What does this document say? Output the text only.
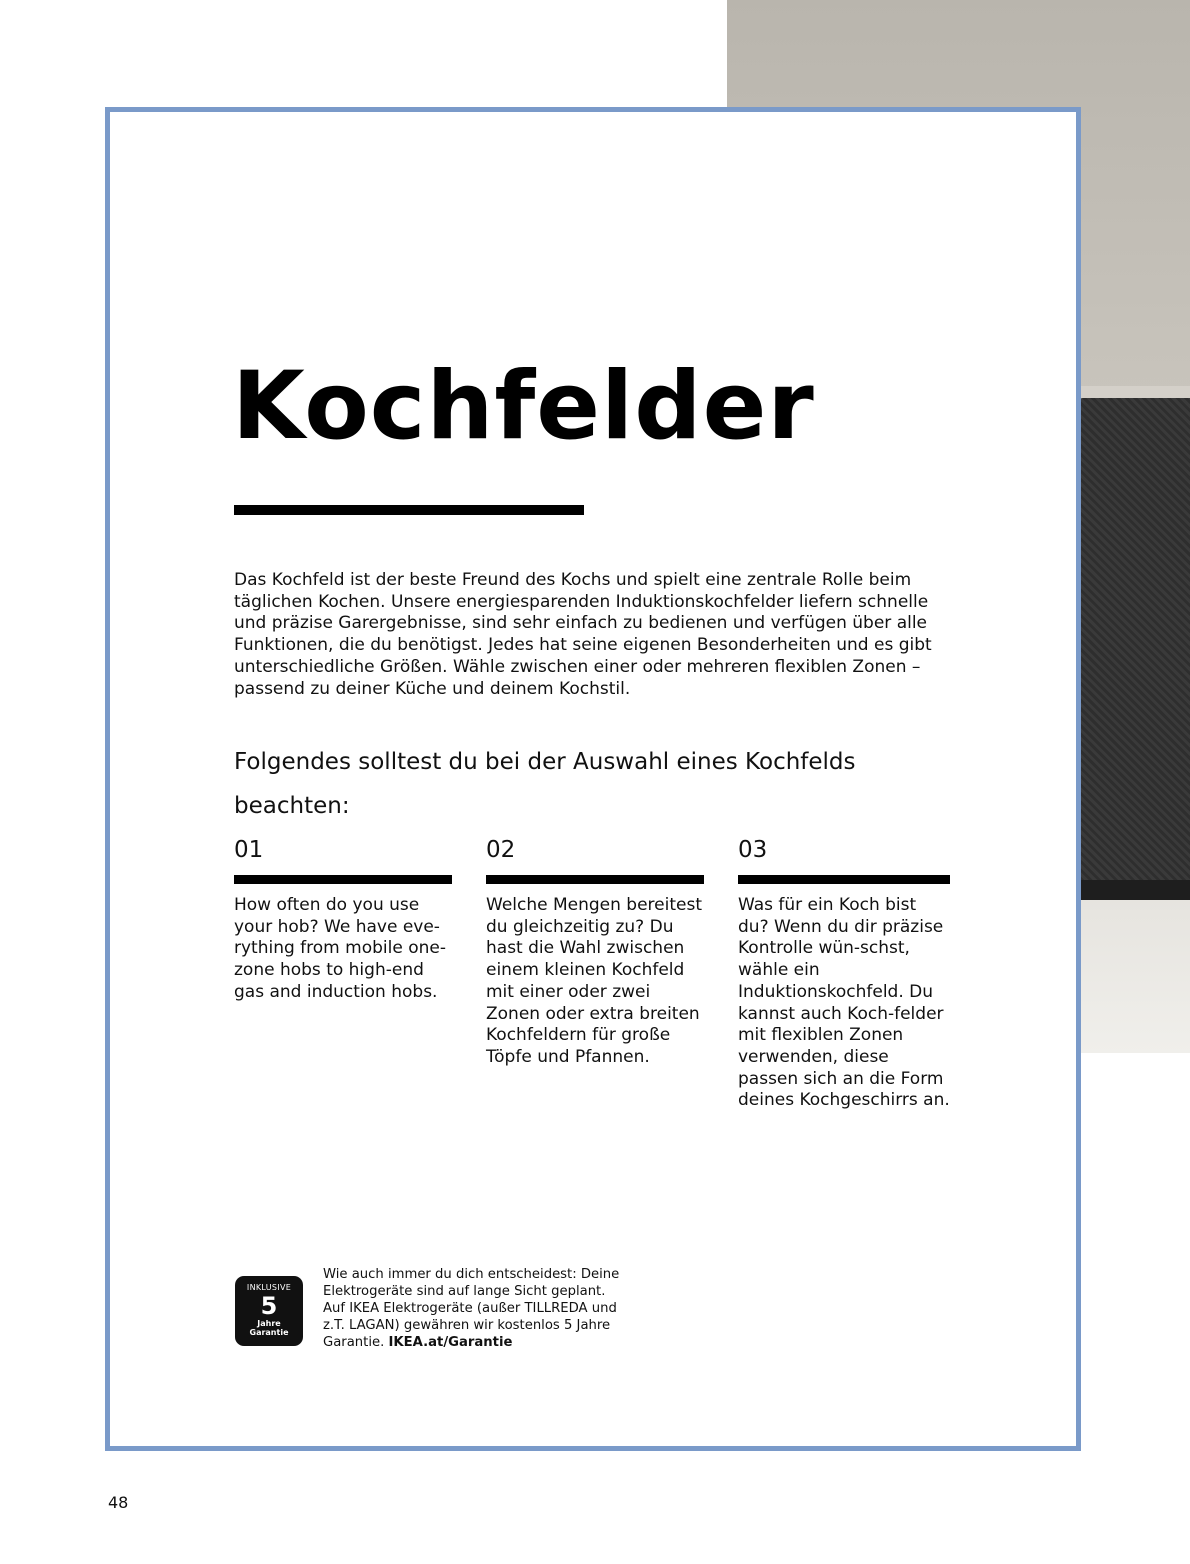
Kochfelder

Das Kochfeld ist der beste Freund des Kochs und spielt eine zentrale Rolle beim täglichen Kochen. Unsere energiesparenden Induktionskochfelder liefern schnelle und präzise Garergebnisse, sind sehr einfach zu bedienen und verfügen über alle Funktionen, die du benötigst. Jedes hat seine eigenen Besonderheiten und es gibt unterschiedliche Größen. Wähle zwischen einer oder mehreren flexiblen Zonen – passend zu deiner Küche und deinem Kochstil.

Folgendes solltest du bei der Auswahl eines Kochfelds beachten:

01

How often do you use your hob? We have eve-rything from mobile one-zone hobs to high-end gas and induction hobs.

02

Welche Mengen bereitest du gleichzeitig zu? Du hast die Wahl zwischen einem kleinen Kochfeld mit einer oder zwei Zonen oder extra breiten Kochfeldern für große Töpfe und Pfannen.

03

Was für ein Koch bist du? Wenn du dir präzise Kontrolle wün-schst, wähle ein Induktionskochfeld. Du kannst auch Koch-felder mit flexiblen Zonen verwenden, diese passen sich an die Form deines Kochgeschirrs an.

INKLUSIVE
5
Jahre
Garantie

Wie auch immer du dich entscheidest: Deine Elektrogeräte sind auf lange Sicht geplant. Auf IKEA Elektrogeräte (außer TILLREDA und z.T. LAGAN) gewähren wir kostenlos 5 Jahre Garantie. IKEA.at/Garantie

48
